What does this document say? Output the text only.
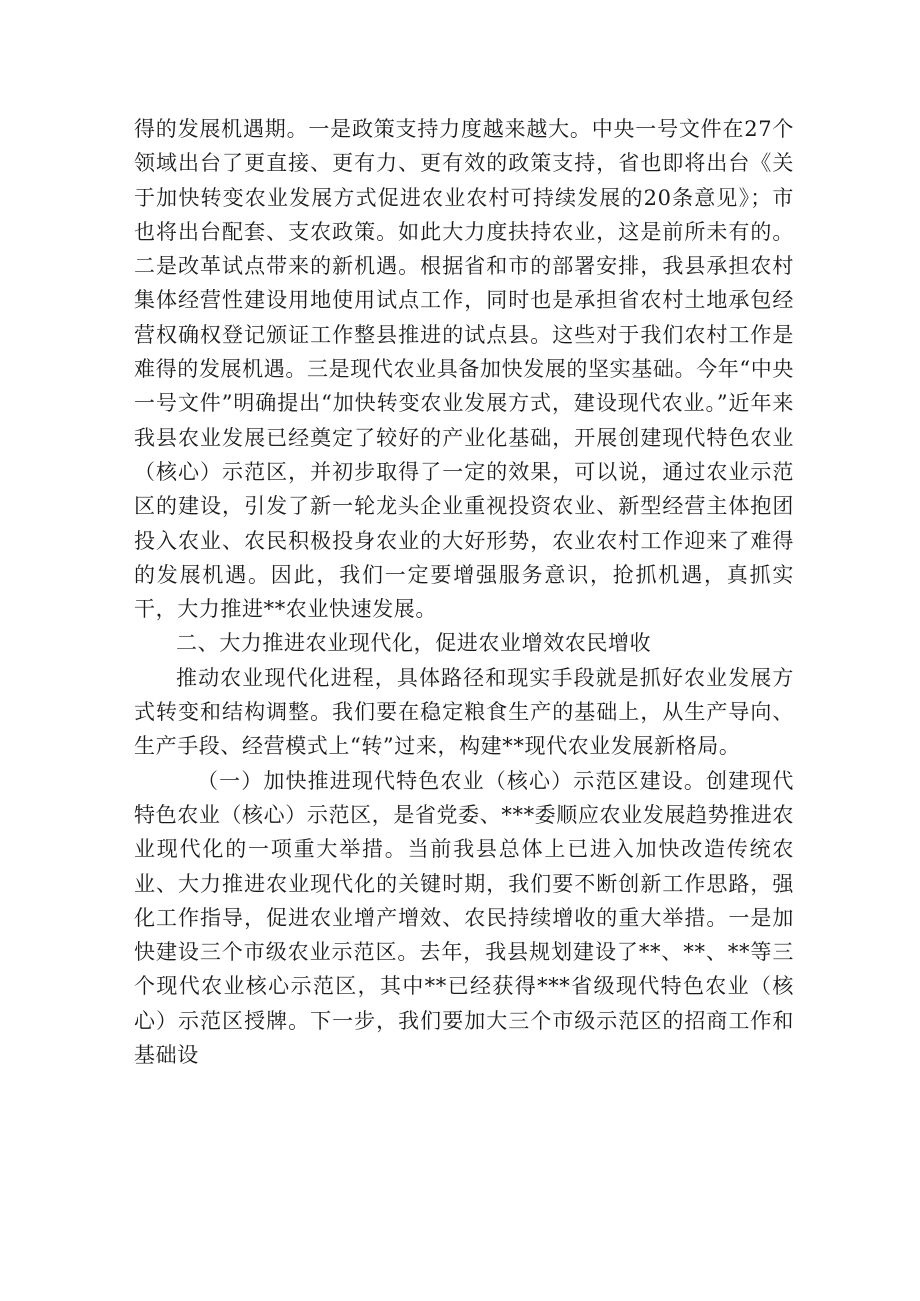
得的发展机遇期。一是政策支持力度越来越大。中央一号文件在27个领域出台了更直接、更有力、更有效的政策支持，省也即将出台《关于加快转变农业发展方式促进农业农村可持续发展的20条意见》；市也将出台配套、支农政策。如此大力度扶持农业，这是前所未有的。二是改革试点带来的新机遇。根据省和市的部署安排，我县承担农村集体经营性建设用地使用试点工作，同时也是承担省农村土地承包经营权确权登记颁证工作整县推进的试点县。这些对于我们农村工作是难得的发展机遇。三是现代农业具备加快发展的坚实基础。今年“中央一号文件”明确提出“加快转变农业发展方式，建设现代农业。”近年来我县农业发展已经奠定了较好的产业化基础，开展创建现代特色农业（核心）示范区，并初步取得了一定的效果，可以说，通过农业示范区的建设，引发了新一轮龙头企业重视投资农业、新型经营主体抱团投入农业、农民积极投身农业的大好形势，农业农村工作迎来了难得的发展机遇。因此，我们一定要增强服务意识，抢抓机遇，真抓实干，大力推进**农业快速发展。

二、大力推进农业现代化，促进农业增效农民增收

推动农业现代化进程，具体路径和现实手段就是抓好农业发展方式转变和结构调整。我们要在稳定粮食生产的基础上，从生产导向、生产手段、经营模式上“转”过来，构建**现代农业发展新格局。

（一）加快推进现代特色农业（核心）示范区建设。创建现代特色农业（核心）示范区，是省党委、***委顺应农业发展趋势推进农业现代化的一项重大举措。当前我县总体上已进入加快改造传统农业、大力推进农业现代化的关键时期，我们要不断创新工作思路，强化工作指导，促进农业增产增效、农民持续增收的重大举措。一是加快建设三个市级农业示范区。去年，我县规划建设了**、**、**等三个现代农业核心示范区，其中**已经获得***省级现代特色农业（核心）示范区授牌。下一步，我们要加大三个市级示范区的招商工作和基础设
